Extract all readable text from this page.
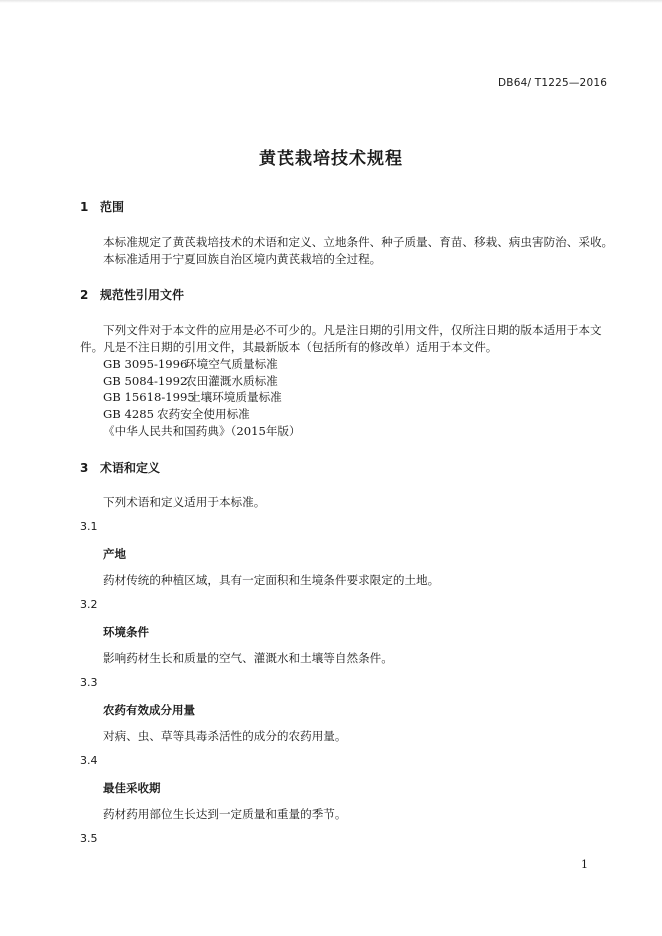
DB64/ T1225—2016
黄芪栽培技术规程
1 范围
本标准规定了黄芪栽培技术的术语和定义、立地条件、种子质量、育苗、移栽、病虫害防治、采收。
本标准适用于宁夏回族自治区境内黄芪栽培的全过程。
2 规范性引用文件
下列文件对于本文件的应用是必不可少的。凡是注日期的引用文件，仅所注日期的版本适用于本文
件。凡是不注日期的引用文件，其最新版本（包括所有的修改单）适用于本文件。
GB 3095-1996环境空气质量标准
GB 5084-1992农田灌溉水质标准
GB 15618-1995土壤环境质量标准
GB 4285 农药安全使用标准
《中华人民共和国药典》（2015年版）
3 术语和定义
下列术语和定义适用于本标准。
3.1
产地
药材传统的种植区域，具有一定面积和生境条件要求限定的土地。
3.2
环境条件
影响药材生长和质量的空气、灌溉水和土壤等自然条件。
3.3
农药有效成分用量
对病、虫、草等具毒杀活性的成分的农药用量。
3.4
最佳采收期
药材药用部位生长达到一定质量和重量的季节。
3.5
1
